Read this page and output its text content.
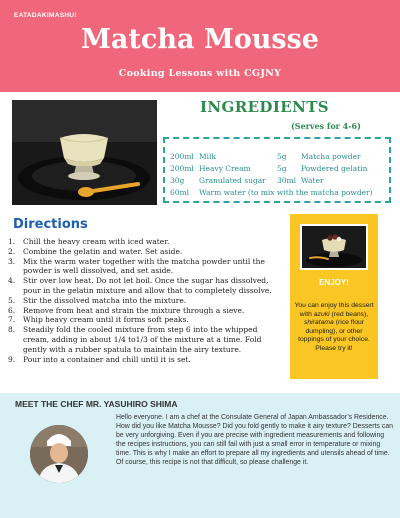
EATADAKIMASHU!
Matcha Mousse
Cooking Lessons with CGJNY
INGREDIENTS
(Serves for 4-6)
200ml Milk
200ml Heavy Cream
30g Granulated sugar
60ml Warm water (to mix with the matcha powder)
5g Matcha powder
5g Powdered gelatin
30ml Water
Directions
1. Chill the heavy cream with iced water.
2. Combine the gelatin and water. Set aside.
3. Mix the warm water together with the matcha powder until the powder is well dissolved, and set aside.
4. Stir over low heat. Do not let boil. Once the sugar has dissolved, pour in the gelatin mixture and allow that to completely dissolve.
5. Stir the dissolved matcha into the mixture.
6. Remove from heat and strain the mixture through a sieve.
7. Whip heavy cream until it forms soft peaks.
8. Steadily fold the cooled mixture from step 6 into the whipped cream, adding in about 1/4 to1/3 of the mixture at a time. Fold gently with a rubber spatula to maintain the airy texture.
9. Pour into a container and chill until it is set.
ENJOY!
You can enjoy this dessert with azuki (red beans), shiratama (rice flour dumpling), or other toppings of your choice. Please try it!
MEET THE CHEF MR. YASUHIRO SHIMA
Hello everyone. I am a chef at the Consulate General of Japan Ambassador’s Residence.
How did you like Matcha Mousse? Did you fold gently to make it airy texture? Desserts can be very unforgiving. Even if you are precise with ingredient measurements and following the recipes instructions, you can still fail with just a small error in temperature or mixing time. This is why I make an effort to prepare all my ingredients and utensils ahead of time. Of course, this recipe is not that difficult, so please challenge it.
